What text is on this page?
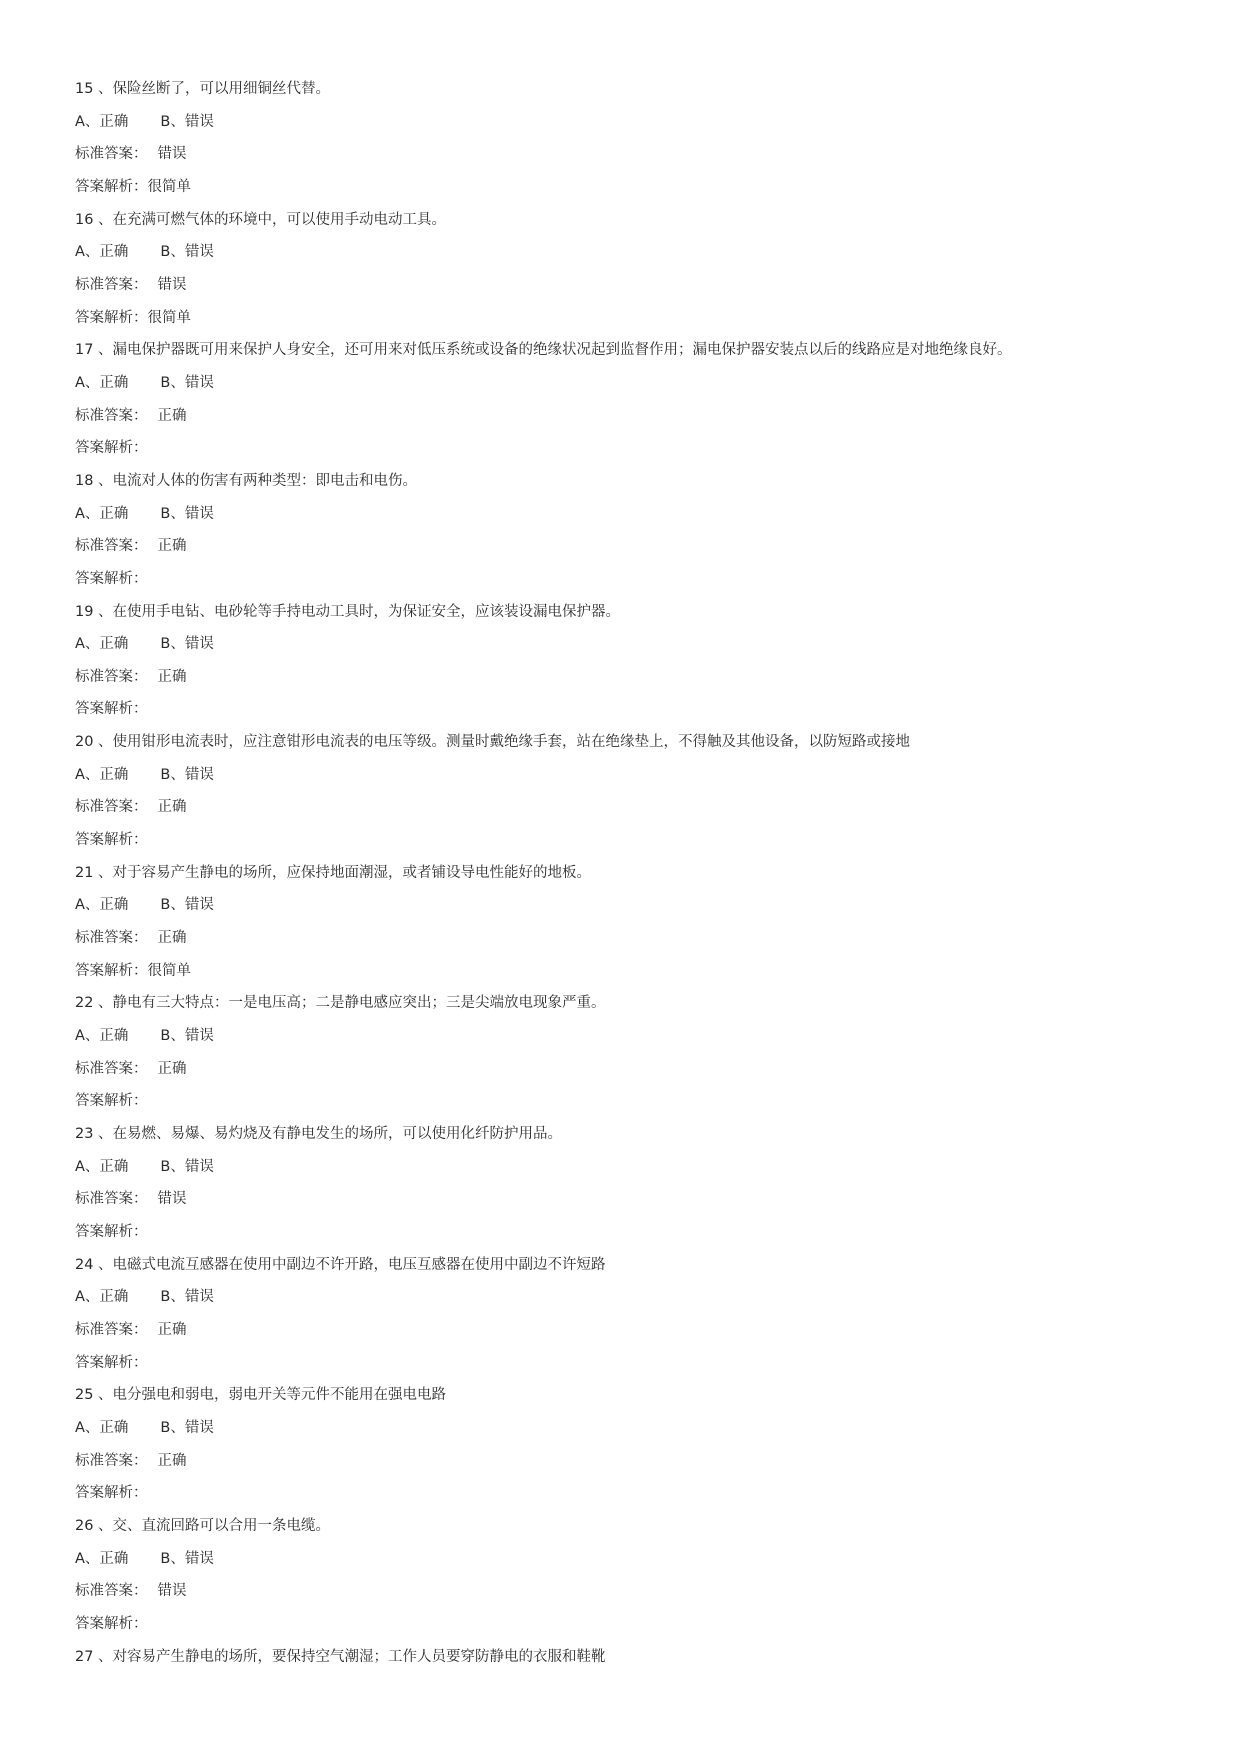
15 、保险丝断了，可以用细铜丝代替。
A、正确 B、错误
标准答案： 错误
答案解析：很简单
16 、在充满可燃气体的环境中，可以使用手动电动工具。
A、正确 B、错误
标准答案： 错误
答案解析：很简单
17 、漏电保护器既可用来保护人身安全，还可用来对低压系统或设备的绝缘状况起到监督作用；漏电保护器安装点以后的线路应是对地绝缘良好。
A、正确 B、错误
标准答案： 正确
答案解析：
18 、电流对人体的伤害有两种类型：即电击和电伤。
A、正确 B、错误
标准答案： 正确
答案解析：
19 、在使用手电钻、电砂轮等手持电动工具时，为保证安全，应该装设漏电保护器。
A、正确 B、错误
标准答案： 正确
答案解析：
20 、使用钳形电流表时，应注意钳形电流表的电压等级。测量时戴绝缘手套，站在绝缘垫上，不得触及其他设备，以防短路或接地
A、正确 B、错误
标准答案： 正确
答案解析：
21 、对于容易产生静电的场所，应保持地面潮湿，或者铺设导电性能好的地板。
A、正确 B、错误
标准答案： 正确
答案解析：很简单
22 、静电有三大特点：一是电压高；二是静电感应突出；三是尖端放电现象严重。
A、正确 B、错误
标准答案： 正确
答案解析：
23 、在易燃、易爆、易灼烧及有静电发生的场所，可以使用化纤防护用品。
A、正确 B、错误
标准答案： 错误
答案解析：
24 、电磁式电流互感器在使用中副边不许开路，电压互感器在使用中副边不许短路
A、正确 B、错误
标准答案： 正确
答案解析：
25 、电分强电和弱电，弱电开关等元件不能用在强电电路
A、正确 B、错误
标准答案： 正确
答案解析：
26 、交、直流回路可以合用一条电缆。
A、正确 B、错误
标准答案： 错误
答案解析：
27 、对容易产生静电的场所，要保持空气潮湿；工作人员要穿防静电的衣服和鞋靴
